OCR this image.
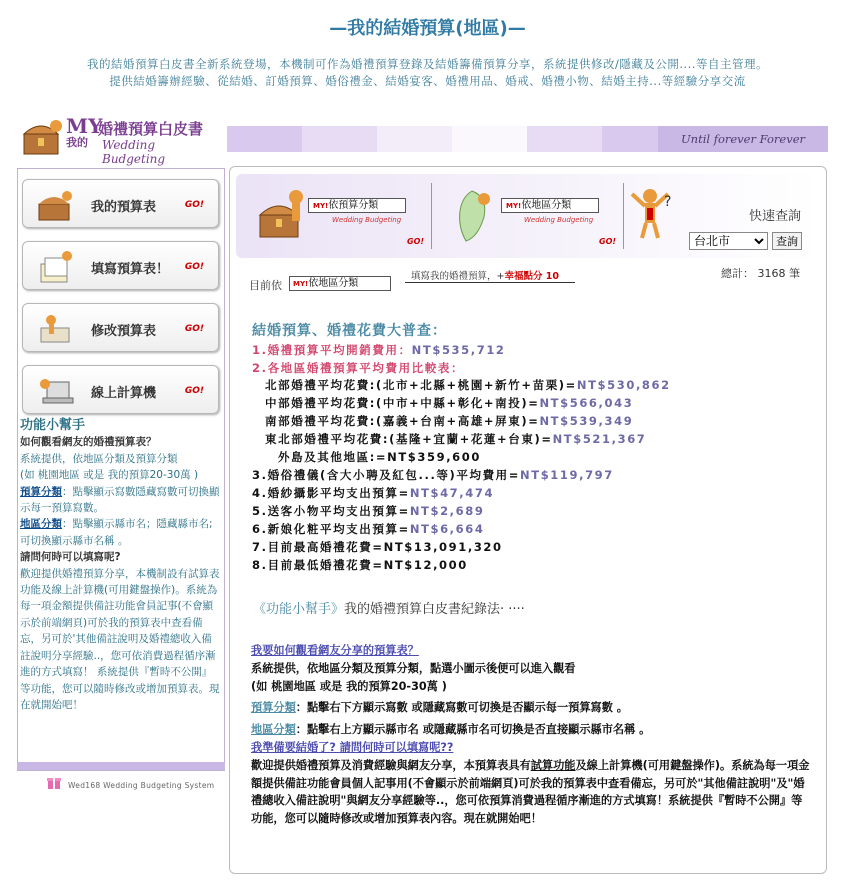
—我的結婚預算(地區)—
我的結婚預算白皮書全新系統登場，本機制可作為婚禮預算登錄及結婚籌備預算分享，系統提供修改/隱藏及公開....等自主管理。
提供結婚籌辦經驗、從結婚、訂婚預算、婚俗禮金、結婚宴客、婚禮用品、婚戒、婚禮小物、結婚主持...等經驗分享交流
MY
婚禮預算白皮書
我的 Wedding Budgeting
Until forever Forever
我的預算表	GO!
填寫預算表！ GO!
修改預算表	GO!
線上計算機	GO!
功能小幫手
如何觀看網友的婚禮預算表？
系統提供，依地區分類及預算分類
(如 桃園地區 或是 我的預算20-30萬 )
預算分類：點擊顯示寫數隱藏寫數可切換顯示每一預算寫數。
地區分類：點擊顯示縣市名；隱藏縣市名;可切換顯示縣市名稱 。
請問何時可以填寫呢?
歡迎提供婚禮預算分享，本機制設有試算表功能及線上計算機(可用鍵盤操作)。系統為每一項金額提供備註功能會員記事(不會顯示於前端網頁)可於我的預算表中查看備忘，另可於'其他備註說明及婚禮總收入備註說明分享經驗..，您可依消費過程循序漸進的方式填寫！ 系統提供『暫時不公開』等功能，您可以隨時修改或增加預算表。現在就開始吧！
Wed168 Wedding Budgeting System
MY!依預算分類
Wedding Budgeting
GO!
MY!依地區分類
Wedding Budgeting
GO!
?
快速查詢
台北市
查詢
目前依	MY!依地區分類
填寫我的婚禮預算，+幸福點分 10	總計： 3168 筆
結婚預算、婚禮花費大普查：
1.婚禮預算平均開銷費用：NT$535,712
2.各地區婚禮預算平均費用比較表：
北部婚禮平均花費:(北市+北縣+桃園+新竹+苗栗)=NT$530,862
中部婚禮平均花費:(中市+中縣+彰化+南投)=NT$566,043
南部婚禮平均花費:(嘉義+台南+高雄+屏東)=NT$539,349
東北部婚禮平均花費:(基隆+宜蘭+花蓮+台東)=NT$521,367
外島及其他地區:=NT$359,600
3.婚俗禮儀(含大小聘及紅包...等)平均費用=NT$119,797
4.婚紗攝影平均支出預算=NT$47,474
5.送客小物平均支出預算=NT$2,689
6.新娘化粧平均支出預算=NT$6,664
7.目前最高婚禮花費=NT$13,091,320
8.目前最低婚禮花費=NT$12,000
《功能小幫手》我的婚禮預算白皮書紀錄法· ····
我要如何觀看網友分享的預算表？
系統提供，依地區分類及預算分類，點選小圖示後便可以進入觀看
(如 桃園地區 或是 我的預算20-30萬 )
預算分類：點擊右下方顯示寫數 或隱藏寫數可切換是否顯示每一預算寫數 。
地區分類：點擊右上方顯示縣市名 或隱藏縣市名可切換是否直接顯示縣市名稱 。
我準備要結婚了? 請問何時可以填寫呢??
歡迎提供婚禮預算及消費經驗與網友分享，本預算表具有試算功能及線上計算機(可用鍵盤操作)。系統為每一項金額提供備註功能會員個人記事用(不會顯示於前端網頁)可於我的預算表中查看備忘，另可於"其他備註說明"及"婚禮總收入備註說明"與網友分享經驗等..，您可依預算消費過程循序漸進的方式填寫！系統提供『暫時不公開』等功能，您可以隨時修改或增加預算表內容。現在就開始吧！
